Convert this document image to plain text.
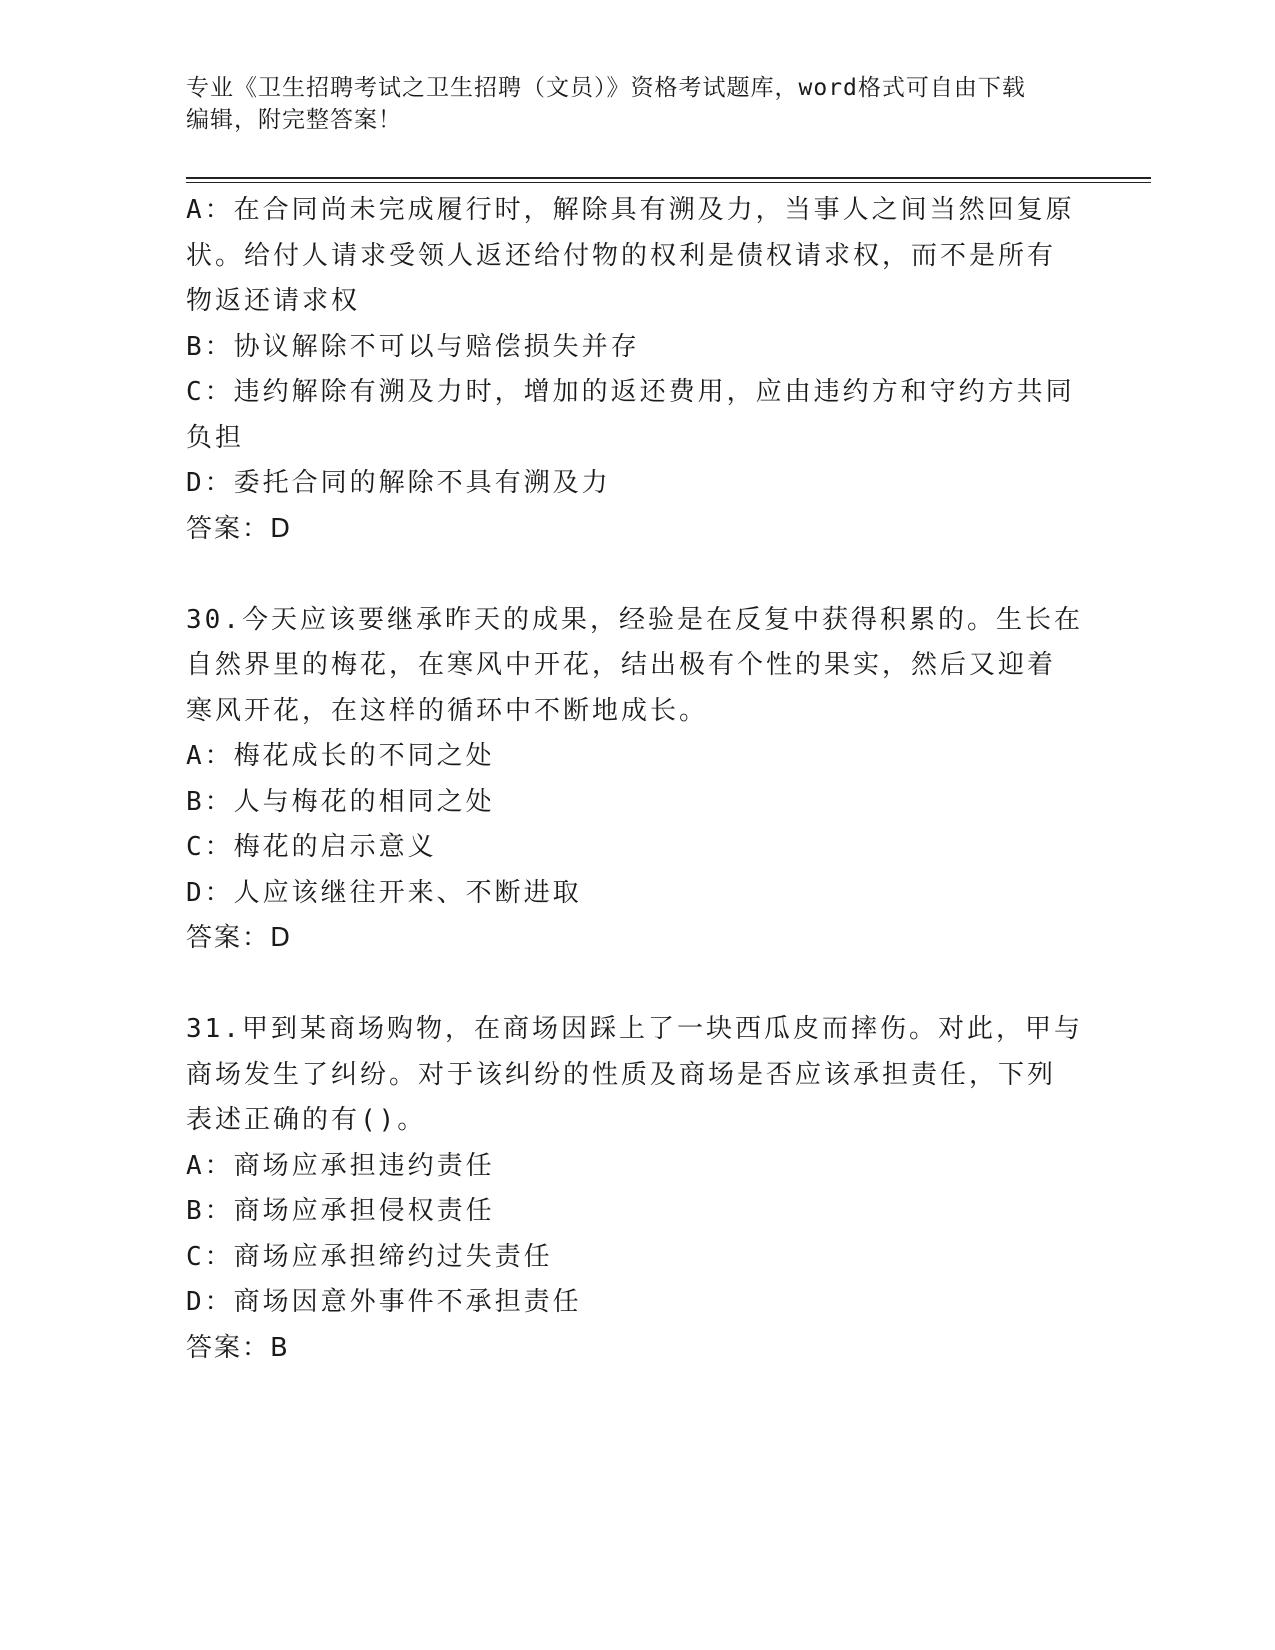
专业《卫生招聘考试之卫生招聘（文员）》资格考试题库，word格式可自由下载
编辑，附完整答案！

A：在合同尚未完成履行时，解除具有溯及力，当事人之间当然回复原

状。给付人请求受领人返还给付物的权利是债权请求权，而不是所有

物返还请求权

B：协议解除不可以与赔偿损失并存

C：违约解除有溯及力时，增加的返还费用，应由违约方和守约方共同

负担

D：委托合同的解除不具有溯及力

答案：D

30.今天应该要继承昨天的成果，经验是在反复中获得积累的。生长在

自然界里的梅花，在寒风中开花，结出极有个性的果实，然后又迎着

寒风开花，在这样的循环中不断地成长。

A：梅花成长的不同之处

B：人与梅花的相同之处

C：梅花的启示意义

D：人应该继往开来、不断进取

答案：D

31.甲到某商场购物，在商场因踩上了一块西瓜皮而摔伤。对此，甲与

商场发生了纠纷。对于该纠纷的性质及商场是否应该承担责任，下列

表述正确的有()。

A：商场应承担违约责任

B：商场应承担侵权责任

C：商场应承担缔约过失责任

D：商场因意外事件不承担责任

答案：B
